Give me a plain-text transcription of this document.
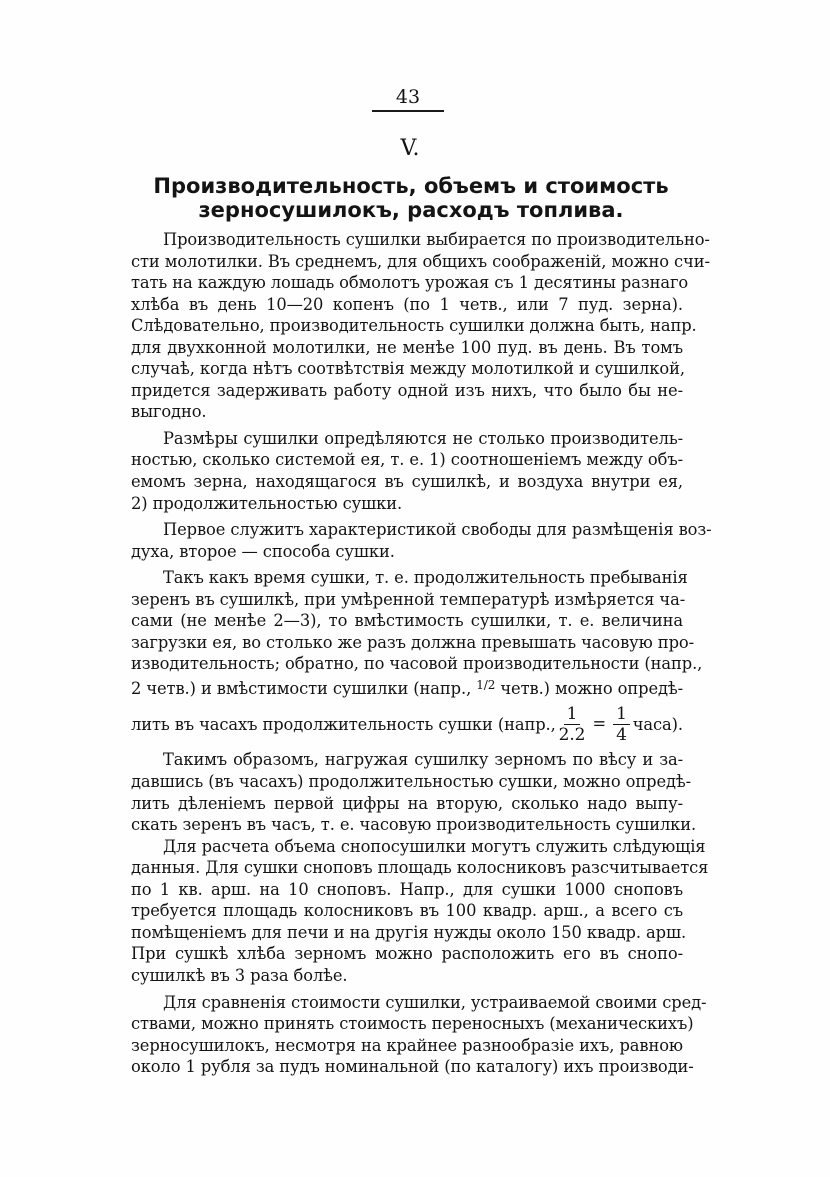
43
V.
Производительность, объемъ и стоимость
зерносушилокъ, расходъ топлива.

Производительность сушилки выбирается по производительно-
сти молотилки. Въ среднемъ, для общихъ соображеній, можно счи-
тать на каждую лошадь обмолотъ урожая съ 1 десятины разнаго
хлѣба въ день 10—20 копенъ (по 1 четв., или 7 пуд. зерна).
Слѣдовательно, производительность сушилки должна быть, напр.
для двухконной молотилки, не менѣе 100 пуд. въ день. Въ томъ
случаѣ, когда нѣтъ соотвѣтствія между молотилкой и сушилкой,
придется задерживать работу одной изъ нихъ, что было бы не-
выгодно.

Размѣры сушилки опредѣляются не столько производитель-
ностью, сколько системой ея, т. е. 1) соотношеніемъ между объ-
емомъ зерна, находящагося въ сушилкѣ, и воздуха внутри ея,
2) продолжительностью сушки.

Первое служитъ характеристикой свободы для размѣщенія воз-
духа, второе — способа сушки.

Такъ какъ время сушки, т. е. продолжительность пребыванія
зеренъ въ сушилкѣ, при умѣренной температурѣ измѣряется ча-
сами (не менѣе 2—3), то вмѣстимость сушилки, т. е. величина
загрузки ея, во столько же разъ должна превышать часовую про-
изводительность; обратно, по часовой производительности (напр.,
2 четв.) и вмѣстимости сушилки (напр., $^{1/2}$ четв.) можно опредѣ-
лить въ часахъ продолжительность сушки (напр., $\frac{1}{2.2} = \frac{1}{4}$ часа).

Такимъ образомъ, нагружая сушилку зерномъ по вѣсу и за-
давшись (въ часахъ) продолжительностью сушки, можно опредѣ-
лить дѣленіемъ первой цифры на вторую, сколько надо выпу-
скать зеренъ въ часъ, т. е. часовую производительность сушилки.

Для расчета объема снопосушилки могутъ служить слѣдующія
данныя. Для сушки сноповъ площадь колосниковъ разсчитывается
по 1 кв. арш. на 10 сноповъ. Напр., для сушки 1000 сноповъ
требуется площадь колосниковъ въ 100 квадр. арш., а всего съ
помѣщеніемъ для печи и на другія нужды около 150 квадр. арш.
При сушкѣ хлѣба зерномъ можно расположить его въ снопо-
сушилкѣ въ 3 раза болѣе.

Для сравненія стоимости сушилки, устраиваемой своими сред-
ствами, можно принять стоимость переносныхъ (механическихъ)
зерносушилокъ, несмотря на крайнее разнообразіе ихъ, равною
около 1 рубля за пудъ номинальной (по каталогу) ихъ производи-
